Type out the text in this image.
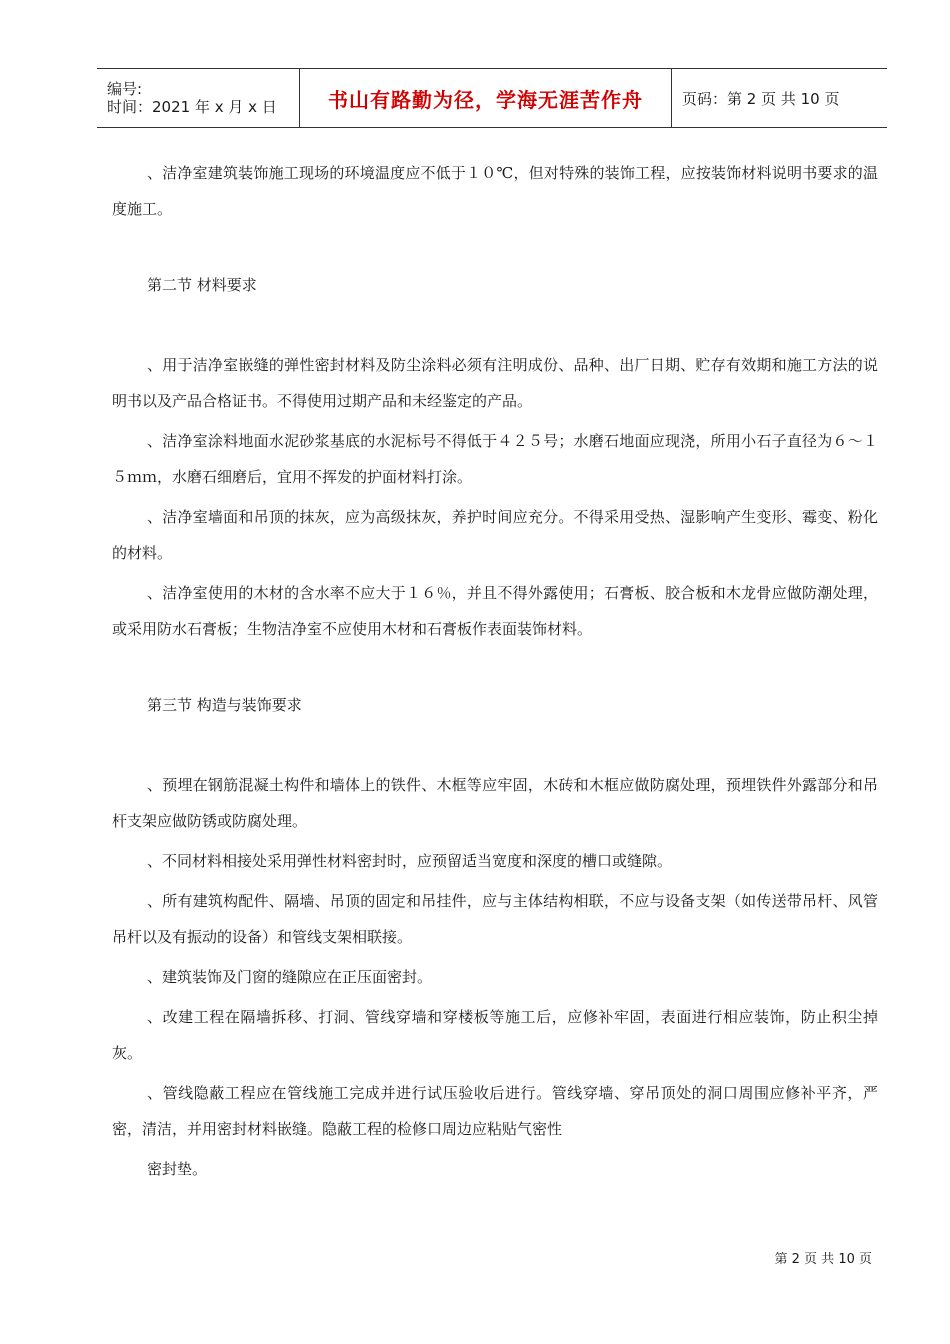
编号:
时间：2021 年 x 月 x 日	书山有路勤为径，学海无涯苦作舟	页码：第 2 页 共 10 页

、洁净室建筑装饰施工现场的环境温度应不低于１０℃，但对特殊的装饰工程，应按装饰材料说明书要求的温度施工。

第二节 材料要求

、用于洁净室嵌缝的弹性密封材料及防尘涂料必须有注明成份、品种、出厂日期、贮存有效期和施工方法的说明书以及产品合格证书。不得使用过期产品和未经鉴定的产品。

、洁净室涂料地面水泥砂浆基底的水泥标号不得低于４２５号；水磨石地面应现浇，所用小石子直径为６～１５ｍｍ，水磨石细磨后，宜用不挥发的护面材料打涂。

、洁净室墙面和吊顶的抹灰，应为高级抹灰，养护时间应充分。不得采用受热、湿影响产生变形、霉变、粉化的材料。

、洁净室使用的木材的含水率不应大于１６％，并且不得外露使用；石膏板、胶合板和木龙骨应做防潮处理，或采用防水石膏板；生物洁净室不应使用木材和石膏板作表面装饰材料。

第三节 构造与装饰要求

、预埋在钢筋混凝土构件和墙体上的铁件、木框等应牢固，木砖和木框应做防腐处理，预埋铁件外露部分和吊杆支架应做防锈或防腐处理。

、不同材料相接处采用弹性材料密封时，应预留适当宽度和深度的槽口或缝隙。

、所有建筑构配件、隔墙、吊顶的固定和吊挂件，应与主体结构相联，不应与设备支架（如传送带吊杆、风管吊杆以及有振动的设备）和管线支架相联接。

、建筑装饰及门窗的缝隙应在正压面密封。

、改建工程在隔墙拆移、打洞、管线穿墙和穿楼板等施工后，应修补牢固，表面进行相应装饰，防止积尘掉灰。

、管线隐蔽工程应在管线施工完成并进行试压验收后进行。管线穿墙、穿吊顶处的洞口周围应修补平齐，严密，清洁，并用密封材料嵌缝。隐蔽工程的检修口周边应粘贴气密性

密封垫。

第 2 页 共 10 页
